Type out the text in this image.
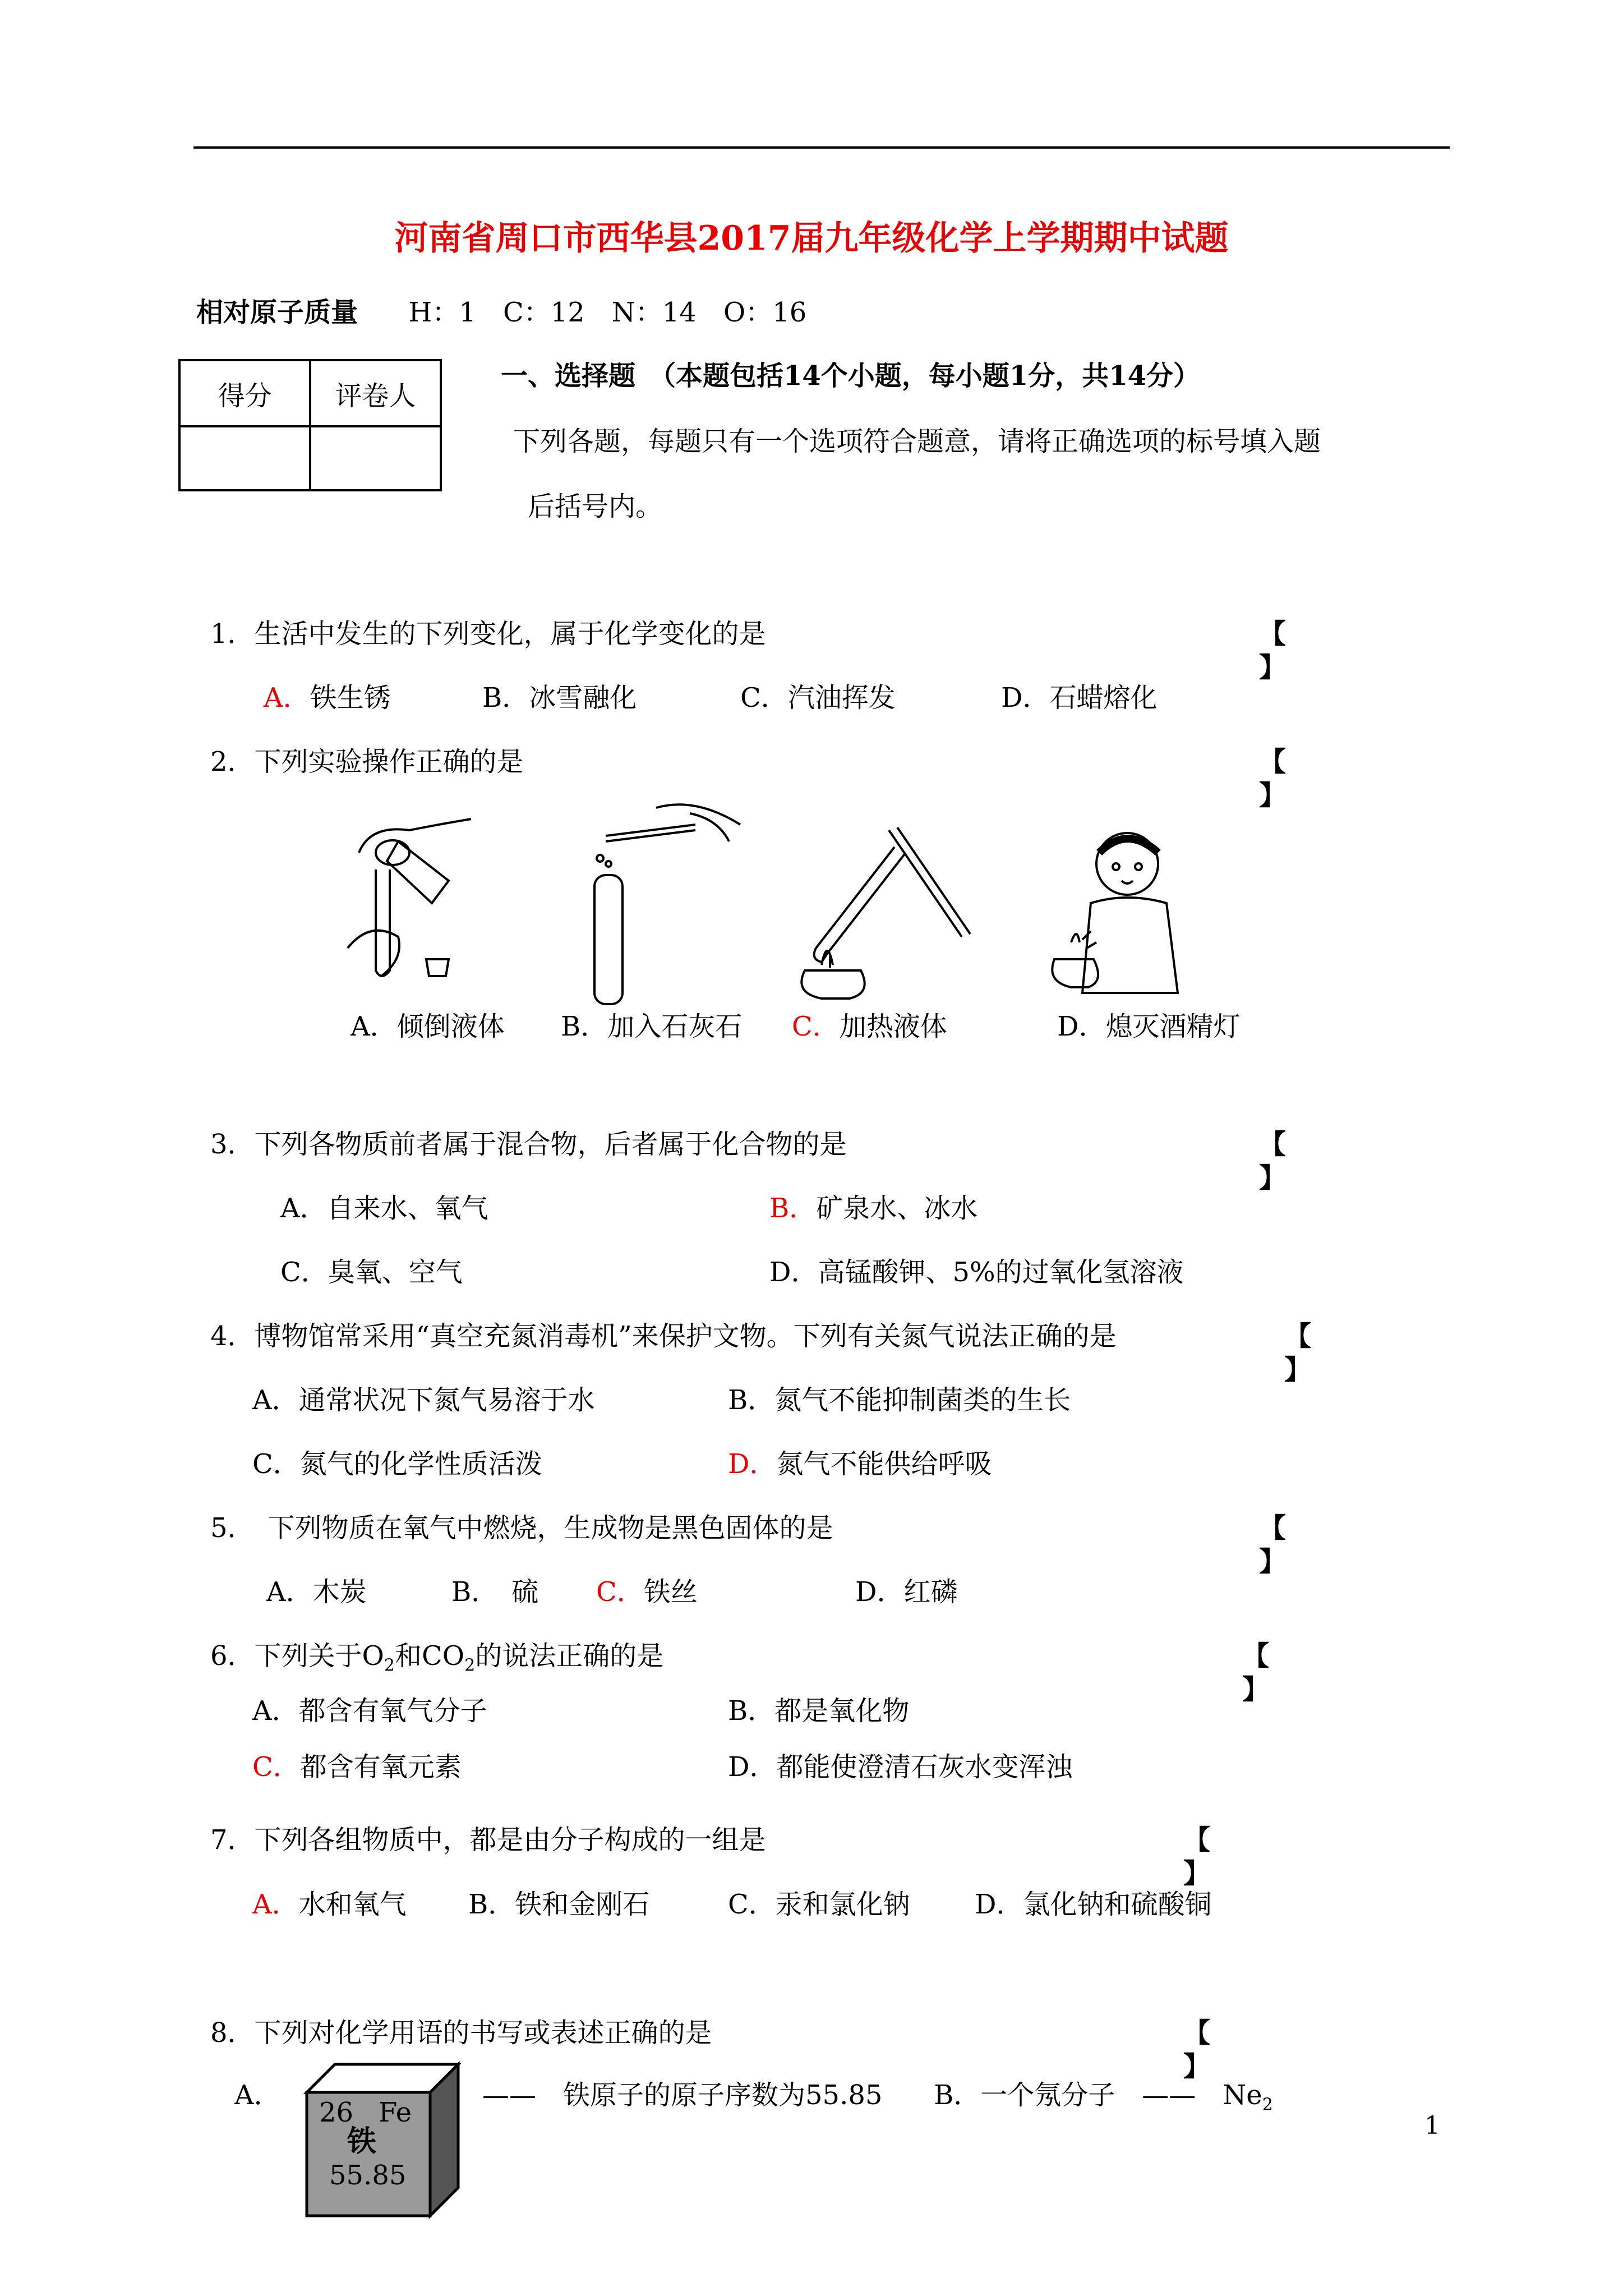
河南省周口市西华县2017届九年级化学上学期期中试题
相对原子质量 H：1　C：12　N：14　O：16
得分	评卷人

一、选择题　（本题包括14个小题，每小题1分，共14分）
下列各题，每题只有一个选项符合题意，请将正确选项的标号填入题
后括号内。
1．生活中发生的下列变化，属于化学变化的是	【】
A．铁生锈	B．冰雪融化	C．汽油挥发	D．石蜡熔化
2．下列实验操作正确的是	【】
A．倾倒液体 B．加入石灰石 C．加热液体	D．熄灭酒精灯
3．下列各物质前者属于混合物，后者属于化合物的是	【】
A．自来水、氧气	B．矿泉水、冰水
C．臭氧、空气	D．高锰酸钾、5%的过氧化氢溶液
4．博物馆常采用“真空充氮消毒机”来保护文物。下列有关氮气说法正确的是	【】
A．通常状况下氮气易溶于水	B．氮气不能抑制菌类的生长
C．氮气的化学性质活泼	D．氮气不能供给呼吸
5．　下列物质在氧气中燃烧，生成物是黑色固体的是	【】
A．木炭	B．　硫 C．铁丝	D．红磷
6．下列关于$O_2$和$CO_2$的说法正确的是	【】
A．都含有氧气分子	B．都是氧化物
C．都含有氧元素	D．都能使澄清石灰水变浑浊
7．下列各组物质中，都是由分子构成的一组是	【】
A．水和氧气 B．铁和金刚石	C．汞和氯化钠 D．氯化钠和硫酸铜
8．下列对化学用语的书写或表述正确的是	【】
A．
26 Fe
铁
55.85
——　铁原子的原子序数为55.85 B．一个氖分子　——　$Ne_2$
1
